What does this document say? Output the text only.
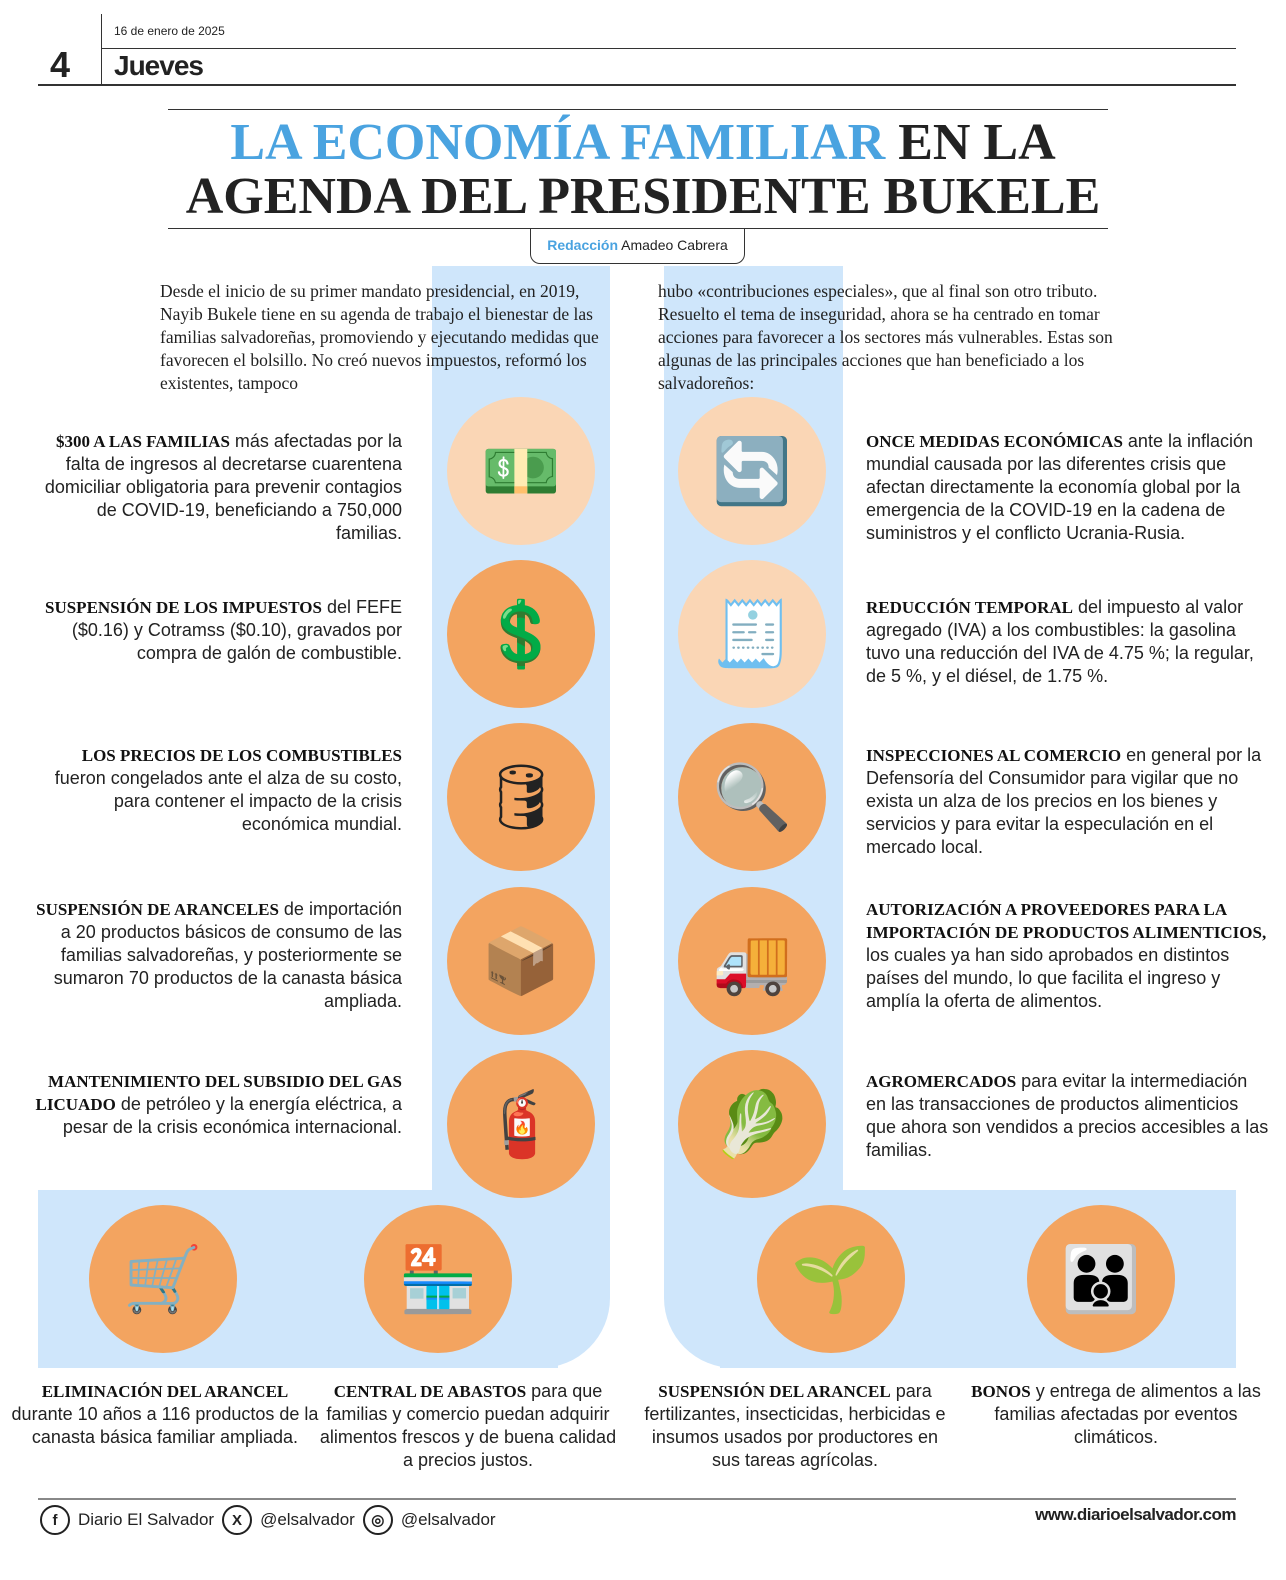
16 de enero de 2025
4 Jueves
LA ECONOMÍA FAMILIAR EN LA
AGENDA DEL PRESIDENTE BUKELE
Redacción Amadeo Cabrera
Desde el inicio de su primer mandato presidencial, en 2019, Nayib Bukele tiene en su agenda de trabajo el bienestar de las familias salvadoreñas, promoviendo y ejecutando medidas que favorecen el bolsillo. No creó nuevos impuestos, reformó los existentes, tampoco
hubo «contribuciones especiales», que al final son otro tributo. Resuelto el tema de inseguridad, ahora se ha centrado en tomar acciones para favorecer a los sectores más vulnerables. Estas son algunas de las principales acciones que han beneficiado a los salvadoreños:
$300 A LAS FAMILIAS más afectadas por la falta de ingresos al decretarse cuarentena domiciliar obligatoria para prevenir contagios de COVID-19, beneficiando a 750,000 familias.
SUSPENSIÓN DE LOS IMPUESTOS del FEFE ($0.16) y Cotramss ($0.10), gravados por compra de galón de combustible.
LOS PRECIOS DE LOS COMBUSTIBLES fueron congelados ante el alza de su costo, para contener el impacto de la crisis económica mundial.
SUSPENSIÓN DE ARANCELES de importación a 20 productos básicos de consumo de las familias salvadoreñas, y posteriormente se sumaron 70 productos de la canasta básica ampliada.
MANTENIMIENTO DEL SUBSIDIO DEL GAS LICUADO de petróleo y la energía eléctrica, a pesar de la crisis económica internacional.
💵
💲
🛢
📦
🧯
🔄
🧾
🔍
🚚
🥬
ONCE MEDIDAS ECONÓMICAS ante la inflación mundial causada por las diferentes crisis que afectan directamente la economía global por la emergencia de la COVID-19 en la cadena de suministros y el conflicto Ucrania-Rusia.
REDUCCIÓN TEMPORAL del impuesto al valor agregado (IVA) a los combustibles: la gasolina tuvo una reducción del IVA de 4.75 %; la regular, de 5 %, y el diésel, de 1.75 %.
INSPECCIONES AL COMERCIO en general por la Defensoría del Consumidor para vigilar que no exista un alza de los precios en los bienes y servicios y para evitar la especulación en el mercado local.
AUTORIZACIÓN A PROVEEDORES PARA LA IMPORTACIÓN DE PRODUCTOS ALIMENTICIOS, los cuales ya han sido aprobados en distintos países del mundo, lo que facilita el ingreso y amplía la oferta de alimentos.
AGROMERCADOS para evitar la intermediación en las transacciones de productos alimenticios que ahora son vendidos a precios accesibles a las familias.
🛒	🏪	🌱	👪
ELIMINACIÓN DEL ARANCEL durante 10 años a 116 productos de la canasta básica familiar ampliada.
CENTRAL DE ABASTOS para que familias y comercio puedan adquirir alimentos frescos y de buena calidad a precios justos.
SUSPENSIÓN DEL ARANCEL para fertilizantes, insecticidas, herbicidas e insumos usados por productores en sus tareas agrícolas.
BONOS y entrega de alimentos a las familias afectadas por eventos climáticos.
f	Diario El Salvador	X	@elsalvador	◎ @elsalvador	www.diarioelsalvador.com
